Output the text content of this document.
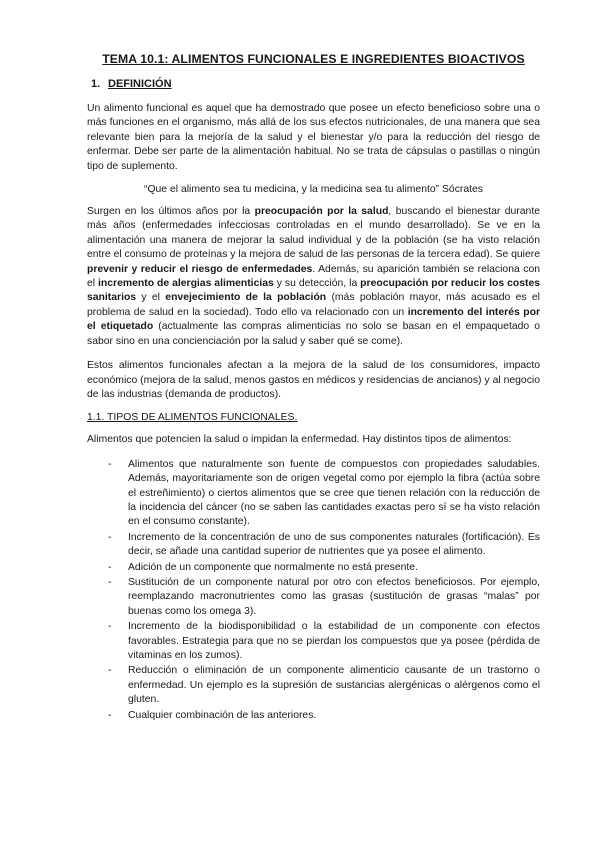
TEMA 10.1: ALIMENTOS FUNCIONALES E INGREDIENTES BIOACTIVOS
1. DEFINICIÓN

Un alimento funcional es aquel que ha demostrado que posee un efecto beneficioso sobre una o más funciones en el organismo, más allá de los sus efectos nutricionales, de una manera que sea relevante bien para la mejoría de la salud y el bienestar y/o para la reducción del riesgo de enfermar. Debe ser parte de la alimentación habitual. No se trata de cápsulas o pastillas o ningún tipo de suplemento.

“Que el alimento sea tu medicina, y la medicina sea tu alimento” Sócrates

Surgen en los últimos años por la preocupación por la salud, buscando el bienestar durante más años (enfermedades infecciosas controladas en el mundo desarrollado). Se ve en la alimentación una manera de mejorar la salud individual y de la población (se ha visto relación entre el consumo de proteínas y la mejora de salud de las personas de la tercera edad). Se quiere prevenir y reducir el riesgo de enfermedades. Además, su aparición también se relaciona con el incremento de alergias alimenticias y su detección, la preocupación por reducir los costes sanitarios y el envejecimiento de la población (más población mayor, más acusado es el problema de salud en la sociedad). Todo ello va relacionado con un incremento del interés por el etiquetado (actualmente las compras alimenticias no solo se basan en el empaquetado o sabor sino en una concienciación por la salud y saber qué se come).

Estos alimentos funcionales afectan a la mejora de la salud de los consumidores, impacto económico (mejora de la salud, menos gastos en médicos y residencias de ancianos) y al negocio de las industrias (demanda de productos).

1.1. TIPOS DE ALIMENTOS FUNCIONALES.

Alimentos que potencien la salud o impidan la enfermedad. Hay distintos tipos de alimentos:

- Alimentos que naturalmente son fuente de compuestos con propiedades saludables. Además, mayoritariamente son de origen vegetal como por ejemplo la fibra (actúa sobre el estreñimiento) o ciertos alimentos que se cree que tienen relación con la reducción de la incidencia del cáncer (no se saben las cantidades exactas pero sí se ha visto relación en el consumo constante).
- Incremento de la concentración de uno de sus componentes naturales (fortificación). Es decir, se añade una cantidad superior de nutrientes que ya posee el alimento.
- Adición de un componente que normalmente no está presente.
- Sustitución de un componente natural por otro con efectos beneficiosos. Por ejemplo, reemplazando macronutrientes como las grasas (sustitución de grasas “malas” por buenas como los omega 3).
- Incremento de la biodisponibilidad o la estabilidad de un componente con efectos favorables. Estrategia para que no se pierdan los compuestos que ya posee (pérdida de vitaminas en los zumos).
- Reducción o eliminación de un componente alimenticio causante de un trastorno o enfermedad. Un ejemplo es la supresión de sustancias alergénicas o alérgenos como el gluten.
- Cualquier combinación de las anteriores.
